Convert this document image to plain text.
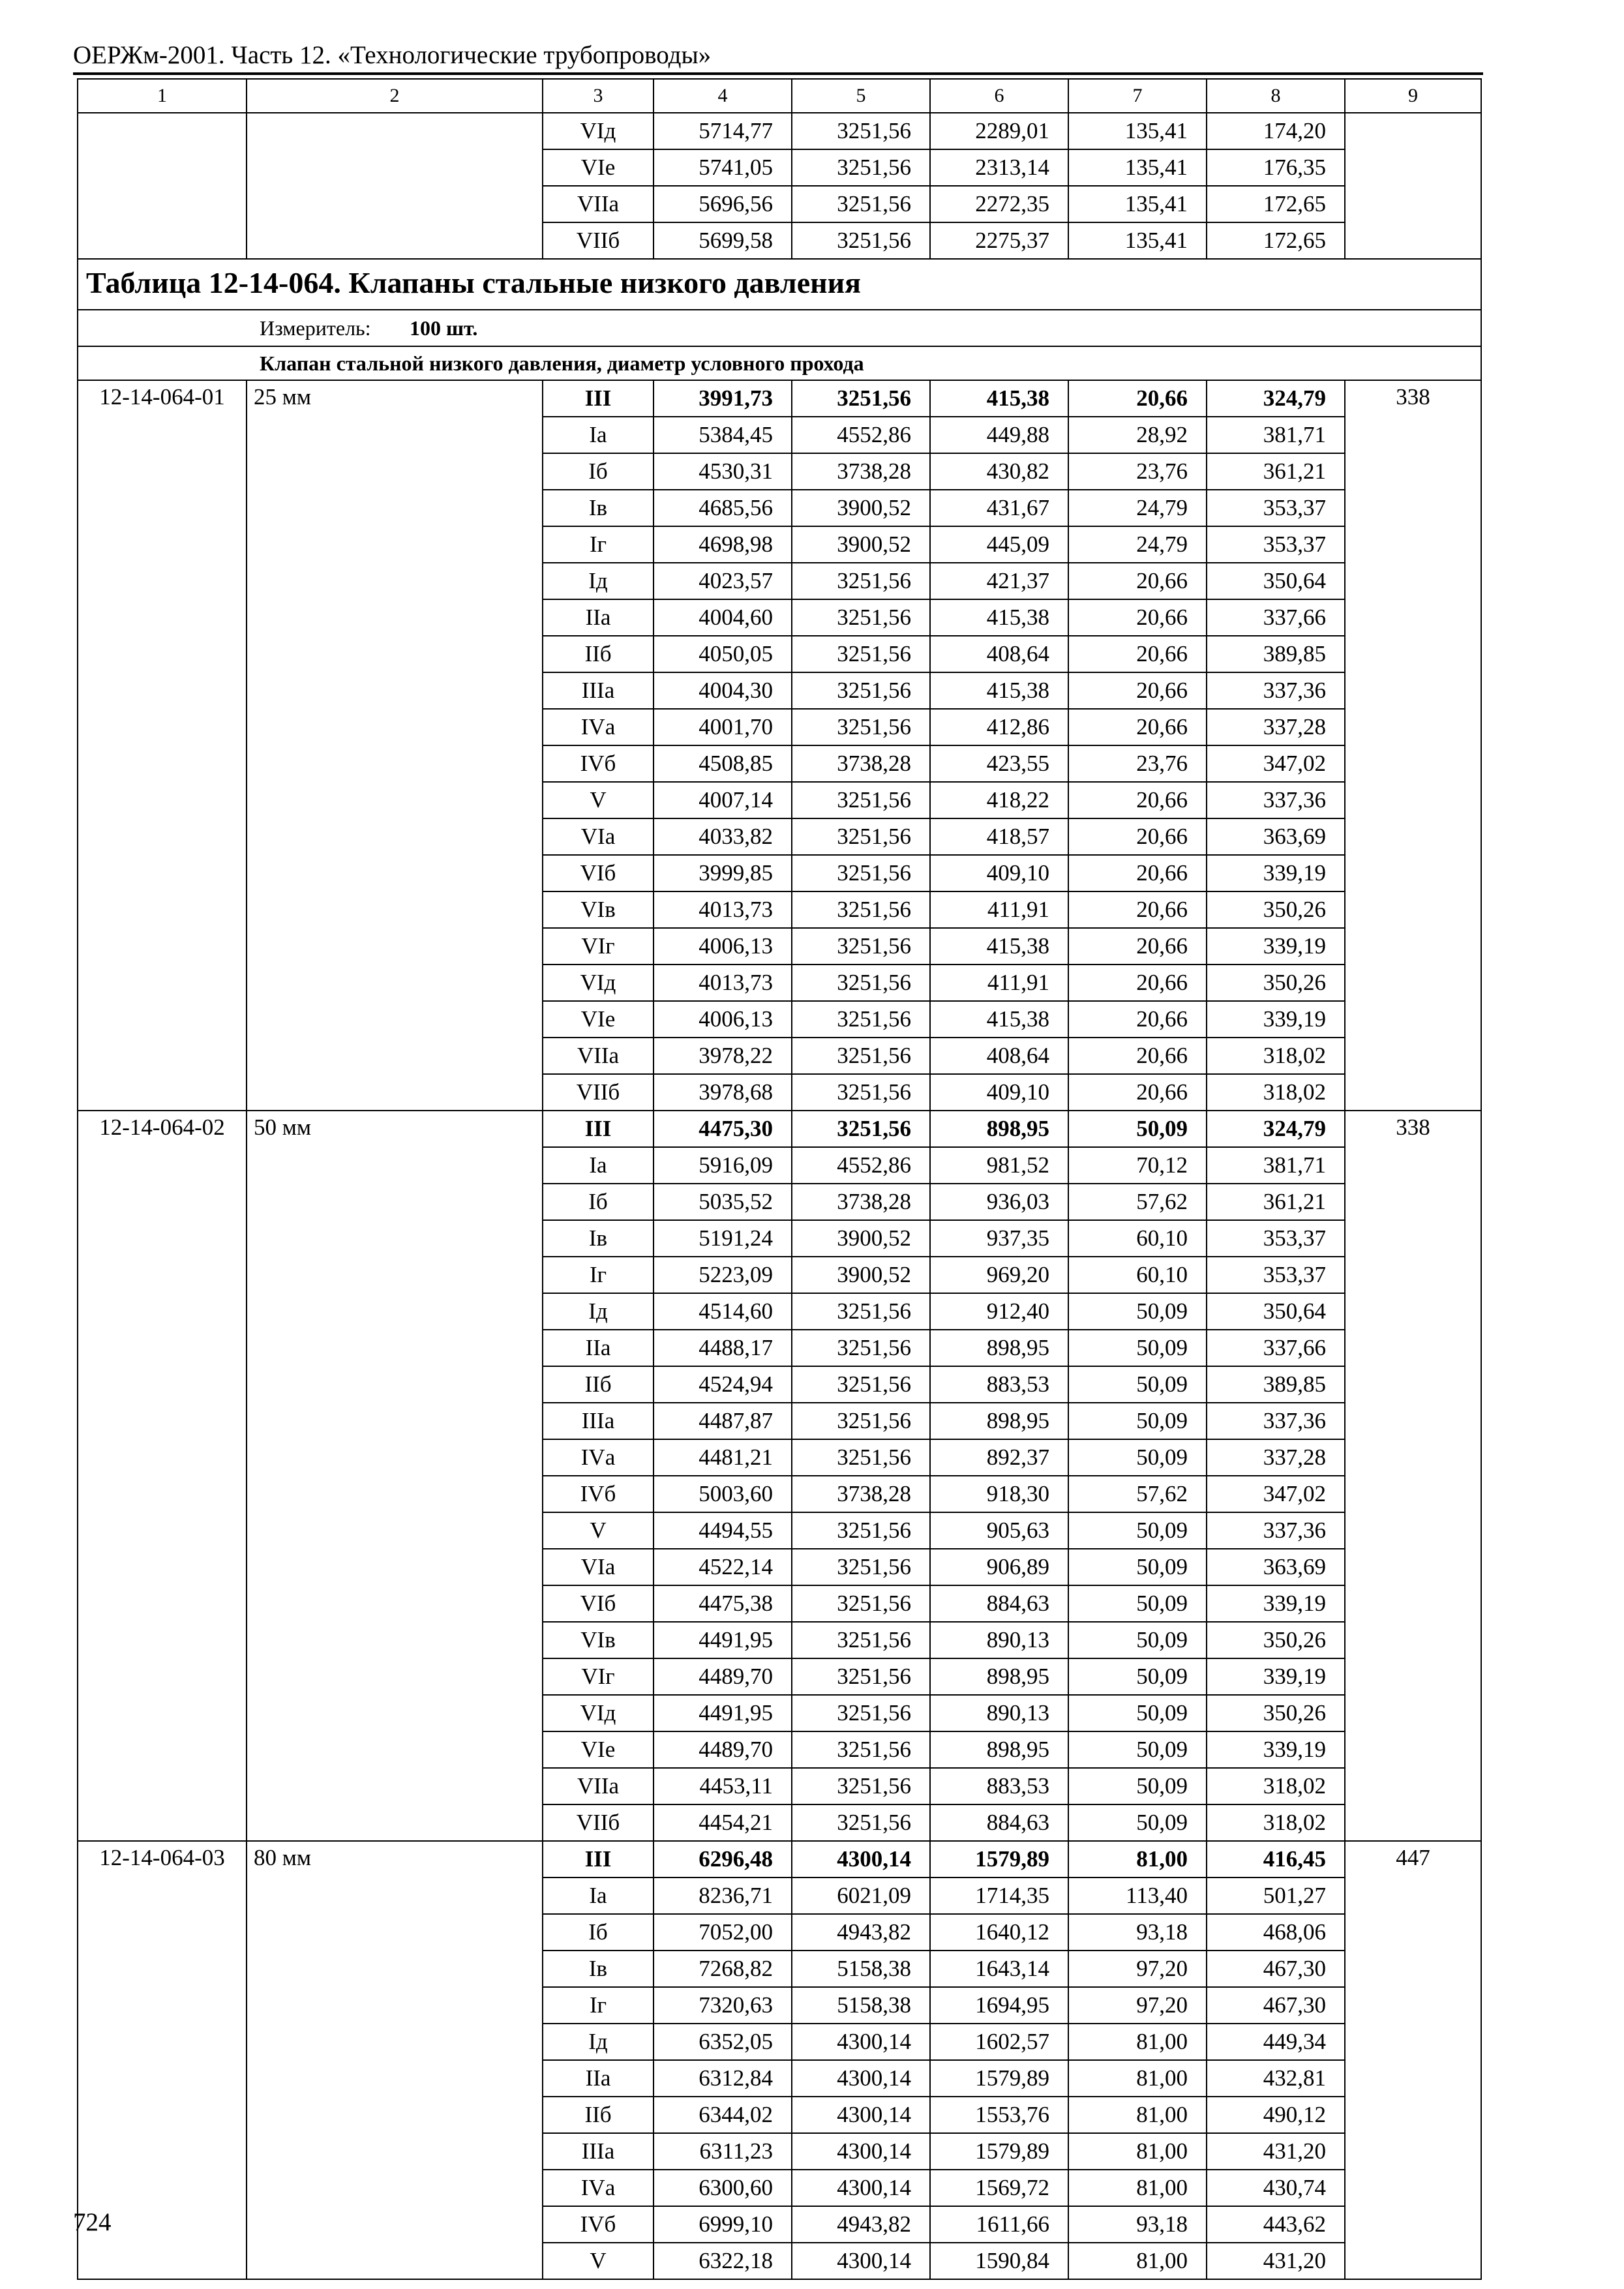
ОЕРЖм-2001. Часть 12. «Технологические трубопроводы»
1	2	3	4	5	6	7	8	9
		VIд	5714,77	3251,56	2289,01	135,41	174,20	
		VIе	5741,05	3251,56	2313,14	135,41	176,35	
		VIIа	5696,56	3251,56	2272,35	135,41	172,65	
		VIIб	5699,58	3251,56	2275,37	135,41	172,65	
Таблица 12-14-064. Клапаны стальные низкого давления								
Измеритель: 100 шт.								
Клапан стальной низкого давления, диаметр условного прохода								
12-14-064-01	25 мм	III	3991,73	3251,56	415,38	20,66	324,79	338
		Iа	5384,45	4552,86	449,88	28,92	381,71	
		Iб	4530,31	3738,28	430,82	23,76	361,21	
		Iв	4685,56	3900,52	431,67	24,79	353,37	
		Iг	4698,98	3900,52	445,09	24,79	353,37	
		Iд	4023,57	3251,56	421,37	20,66	350,64	
		IIа	4004,60	3251,56	415,38	20,66	337,66	
		IIб	4050,05	3251,56	408,64	20,66	389,85	
		IIIа	4004,30	3251,56	415,38	20,66	337,36	
		IVа	4001,70	3251,56	412,86	20,66	337,28	
		IVб	4508,85	3738,28	423,55	23,76	347,02	
		V	4007,14	3251,56	418,22	20,66	337,36	
		VIа	4033,82	3251,56	418,57	20,66	363,69	
		VIб	3999,85	3251,56	409,10	20,66	339,19	
		VIв	4013,73	3251,56	411,91	20,66	350,26	
		VIг	4006,13	3251,56	415,38	20,66	339,19	
		VIд	4013,73	3251,56	411,91	20,66	350,26	
		VIе	4006,13	3251,56	415,38	20,66	339,19	
		VIIа	3978,22	3251,56	408,64	20,66	318,02	
		VIIб	3978,68	3251,56	409,10	20,66	318,02	
12-14-064-02	50 мм	III	4475,30	3251,56	898,95	50,09	324,79	338
		Iа	5916,09	4552,86	981,52	70,12	381,71	
		Iб	5035,52	3738,28	936,03	57,62	361,21	
		Iв	5191,24	3900,52	937,35	60,10	353,37	
		Iг	5223,09	3900,52	969,20	60,10	353,37	
		Iд	4514,60	3251,56	912,40	50,09	350,64	
		IIа	4488,17	3251,56	898,95	50,09	337,66	
		IIб	4524,94	3251,56	883,53	50,09	389,85	
		IIIа	4487,87	3251,56	898,95	50,09	337,36	
		IVа	4481,21	3251,56	892,37	50,09	337,28	
		IVб	5003,60	3738,28	918,30	57,62	347,02	
		V	4494,55	3251,56	905,63	50,09	337,36	
		VIа	4522,14	3251,56	906,89	50,09	363,69	
		VIб	4475,38	3251,56	884,63	50,09	339,19	
		VIв	4491,95	3251,56	890,13	50,09	350,26	
		VIг	4489,70	3251,56	898,95	50,09	339,19	
		VIд	4491,95	3251,56	890,13	50,09	350,26	
		VIе	4489,70	3251,56	898,95	50,09	339,19	
		VIIа	4453,11	3251,56	883,53	50,09	318,02	
		VIIб	4454,21	3251,56	884,63	50,09	318,02	
12-14-064-03	80 мм	III	6296,48	4300,14	1579,89	81,00	416,45	447
		Iа	8236,71	6021,09	1714,35	113,40	501,27	
		Iб	7052,00	4943,82	1640,12	93,18	468,06	
		Iв	7268,82	5158,38	1643,14	97,20	467,30	
		Iг	7320,63	5158,38	1694,95	97,20	467,30	
		Iд	6352,05	4300,14	1602,57	81,00	449,34	
		IIа	6312,84	4300,14	1579,89	81,00	432,81	
		IIб	6344,02	4300,14	1553,76	81,00	490,12	
		IIIа	6311,23	4300,14	1579,89	81,00	431,20	
		IVа	6300,60	4300,14	1569,72	81,00	430,74	
		IVб	6999,10	4943,82	1611,66	93,18	443,62	
		V	6322,18	4300,14	1590,84	81,00	431,20	
724
